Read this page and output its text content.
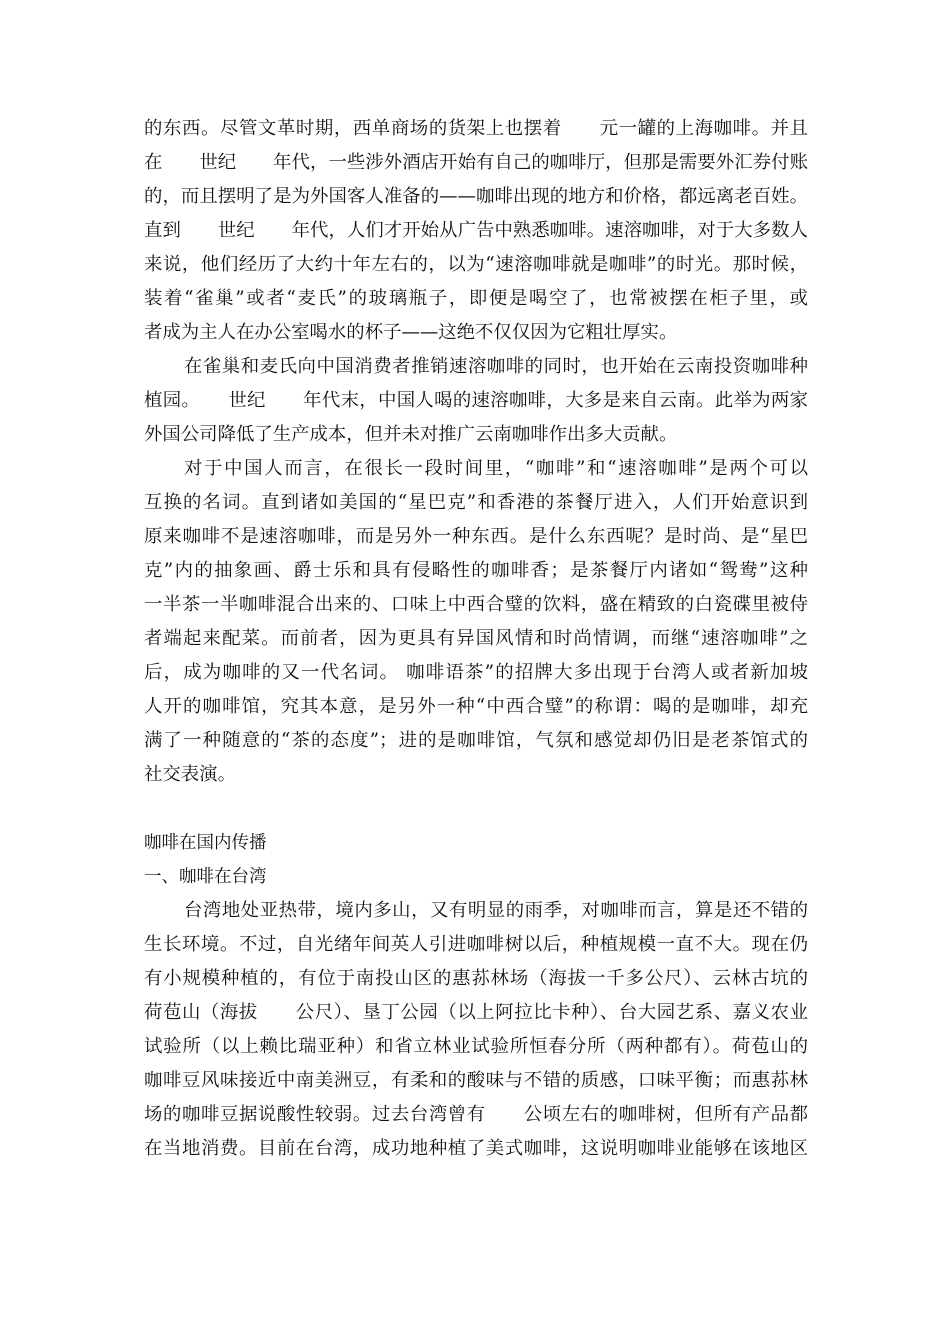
的东西。尽管文革时期，西单商场的货架上也摆着　　元一罐的上海咖啡。并且
在　　世纪　　年代，一些涉外酒店开始有自己的咖啡厅，但那是需要外汇券付账
的，而且摆明了是为外国客人准备的——咖啡出现的地方和价格，都远离老百姓。
直到　　世纪　　年代，人们才开始从广告中熟悉咖啡。速溶咖啡，对于大多数人
来说，他们经历了大约十年左右的，以为“速溶咖啡就是咖啡”的时光。那时候，
装着“雀巢”或者“麦氏”的玻璃瓶子，即便是喝空了，也常被摆在柜子里，或
者成为主人在办公室喝水的杯子——这绝不仅仅因为它粗壮厚实。
在雀巢和麦氏向中国消费者推销速溶咖啡的同时，也开始在云南投资咖啡种
植园。　　世纪　　年代末，中国人喝的速溶咖啡，大多是来自云南。此举为两家
外国公司降低了生产成本，但并未对推广云南咖啡作出多大贡献。
对于中国人而言，在很长一段时间里，“咖啡”和“速溶咖啡”是两个可以
互换的名词。直到诸如美国的“星巴克”和香港的茶餐厅进入，人们开始意识到
原来咖啡不是速溶咖啡，而是另外一种东西。是什么东西呢？是时尚、是“星巴
克”内的抽象画、爵士乐和具有侵略性的咖啡香；是茶餐厅内诸如“鸳鸯”这种
一半茶一半咖啡混合出来的、口味上中西合璧的饮料，盛在精致的白瓷碟里被侍
者端起来配菜。而前者，因为更具有异国风情和时尚情调，而继“速溶咖啡”之
后，成为咖啡的又一代名词。 咖啡语茶”的招牌大多出现于台湾人或者新加坡
人开的咖啡馆，究其本意，是另外一种“中西合璧”的称谓：喝的是咖啡，却充
满了一种随意的“茶的态度”；进的是咖啡馆，气氛和感觉却仍旧是老茶馆式的
社交表演。
咖啡在国内传播
一、咖啡在台湾
台湾地处亚热带，境内多山，又有明显的雨季，对咖啡而言，算是还不错的
生长环境。不过，自光绪年间英人引进咖啡树以后，种植规模一直不大。现在仍
有小规模种植的，有位于南投山区的惠荪林场（海拔一千多公尺）、云林古坑的
荷苞山（海拔　　公尺）、垦丁公园（以上阿拉比卡种）、台大园艺系、嘉义农业
试验所（以上赖比瑞亚种）和省立林业试验所恒春分所（两种都有）。荷苞山的
咖啡豆风味接近中南美洲豆，有柔和的酸味与不错的质感，口味平衡；而惠荪林
场的咖啡豆据说酸性较弱。过去台湾曾有　　公顷左右的咖啡树，但所有产品都
在当地消费。目前在台湾，成功地种植了美式咖啡，这说明咖啡业能够在该地区
